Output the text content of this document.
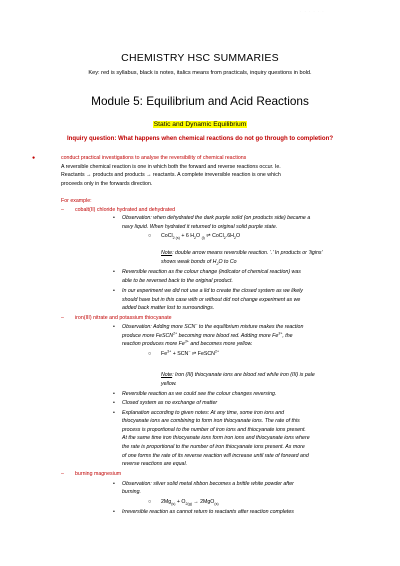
· · · · · ·
CHEMISTRY HSC SUMMARIES
Key: red is syllabus, black is notes, italics means from practicals, inquiry questions in bold.
Module 5: Equilibrium and Acid Reactions
Static and Dynamic Equilibrium
Inquiry question: What happens when chemical reactions do not go through to completion?
●	conduct practical investigations to analyse the reversibility of chemical reactions
A reversible chemical reaction is one in which both the forward and reverse reactions occur. Ie.
Reactants → products and products → reactants. A complete irreversible reaction is one which
proceeds only in the forwards direction.
For example:
– cobalt(II) chloride hydrated and dehydrated
• Observation: when dehydrated the dark purple solid (on products side) became a
navy liquid. When hydrated it returned to original solid purple state.
○ CoCl$_{2 (s)}$ + 6 $H_2O$ $_{(l)}$ ⇌ $CoCl_2.6H_2O$
Note: double arrow means reversible reaction. ‘.’ In products or ‘ligins’
shows weak bonds of $H_2O$ to Co
• Reversible reaction as the colour change (indicator of chemical reaction) was
able to be reversed back to the original product.
• In our experiment we did not use a lid to create the closed system as we likely
should have but in this case with or without did not change experiment as we
added back matter lost to surroundings.
– iron(III) nitrate and potassium thiocyanate
• Observation: Adding more SCN− to the equilibrium mixture makes the reaction
produce more FeSCN$^{2+}$ becoming more blood red. Adding more $Fe^{3+}$, the
reaction produces more $Fe^{3+}$ and becomes more yellow.
○ $Fe^{3+} + SCN^-$ ⇌ FeSCN$^{2+}$
Note: Iron (III) thiocyanate ions are blood red while iron (III) is pale
yellow.
• Reversible reaction as we could see the colour changes reversing.
• Closed system as no exchange of matter
• Explanation according to given notes: At any time, some iron ions and
thiocyanate ions are combining to form iron thiocyanate ions. The rate of this
process is proportional to the number of iron ions and thiocyanate ions present.
At the same time iron thiocyanate ions form iron ions and thiocyanate ions where
the rate is proportional to the number of iron thiocyanate ions present. As more
of one forms the rate of its reverse reaction will increase until rate of forward and
reverse reactions are equal.
– burning magnesium
• Observation: silver solid metal ribbon becomes a brittle white powder after
burning.
○ $2Mg_{(s)} + O_{2(g)} \to 2MgO_{(s)}$
• Irreversible reaction as cannot return to reactants after reaction completes
